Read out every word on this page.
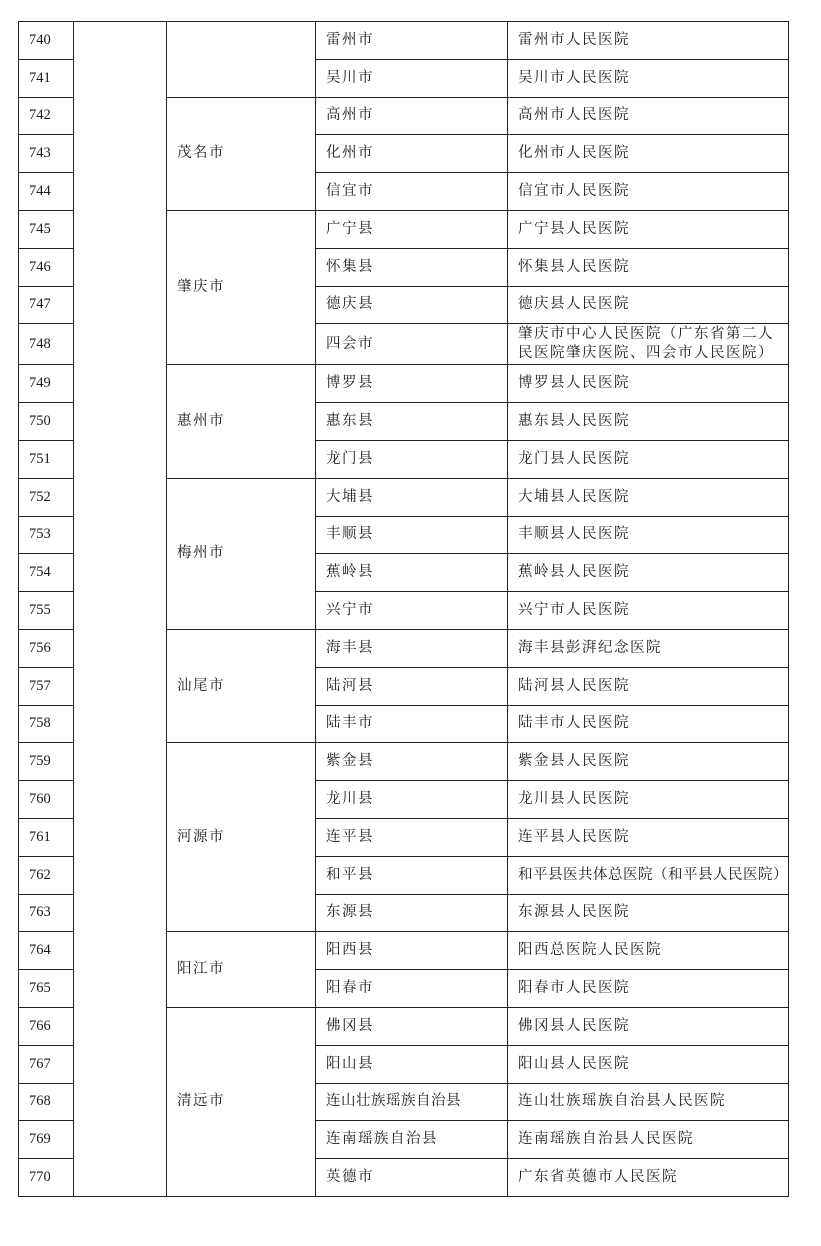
740			雷州市	雷州市人民医院
741			吴川市	吴川市人民医院
742		茂名市	高州市	高州市人民医院
743			化州市	化州市人民医院
744			信宜市	信宜市人民医院
745		肇庆市	广宁县	广宁县人民医院
746			怀集县	怀集县人民医院
747			德庆县	德庆县人民医院
748			四会市	肇庆市中心人民医院（广东省第二人民医院肇庆医院、四会市人民医院）
749		惠州市	博罗县	博罗县人民医院
750			惠东县	惠东县人民医院
751			龙门县	龙门县人民医院
752		梅州市	大埔县	大埔县人民医院
753			丰顺县	丰顺县人民医院
754			蕉岭县	蕉岭县人民医院
755			兴宁市	兴宁市人民医院
756		汕尾市	海丰县	海丰县彭湃纪念医院
757			陆河县	陆河县人民医院
758			陆丰市	陆丰市人民医院
759		河源市	紫金县	紫金县人民医院
760			龙川县	龙川县人民医院
761			连平县	连平县人民医院
762			和平县	和平县医共体总医院（和平县人民医院）
763			东源县	东源县人民医院
764		阳江市	阳西县	阳西总医院人民医院
765			阳春市	阳春市人民医院
766		清远市	佛冈县	佛冈县人民医院
767			阳山县	阳山县人民医院
768			连山壮族瑶族自治县	连山壮族瑶族自治县人民医院
769			连南瑶族自治县	连南瑶族自治县人民医院
770			英德市	广东省英德市人民医院
